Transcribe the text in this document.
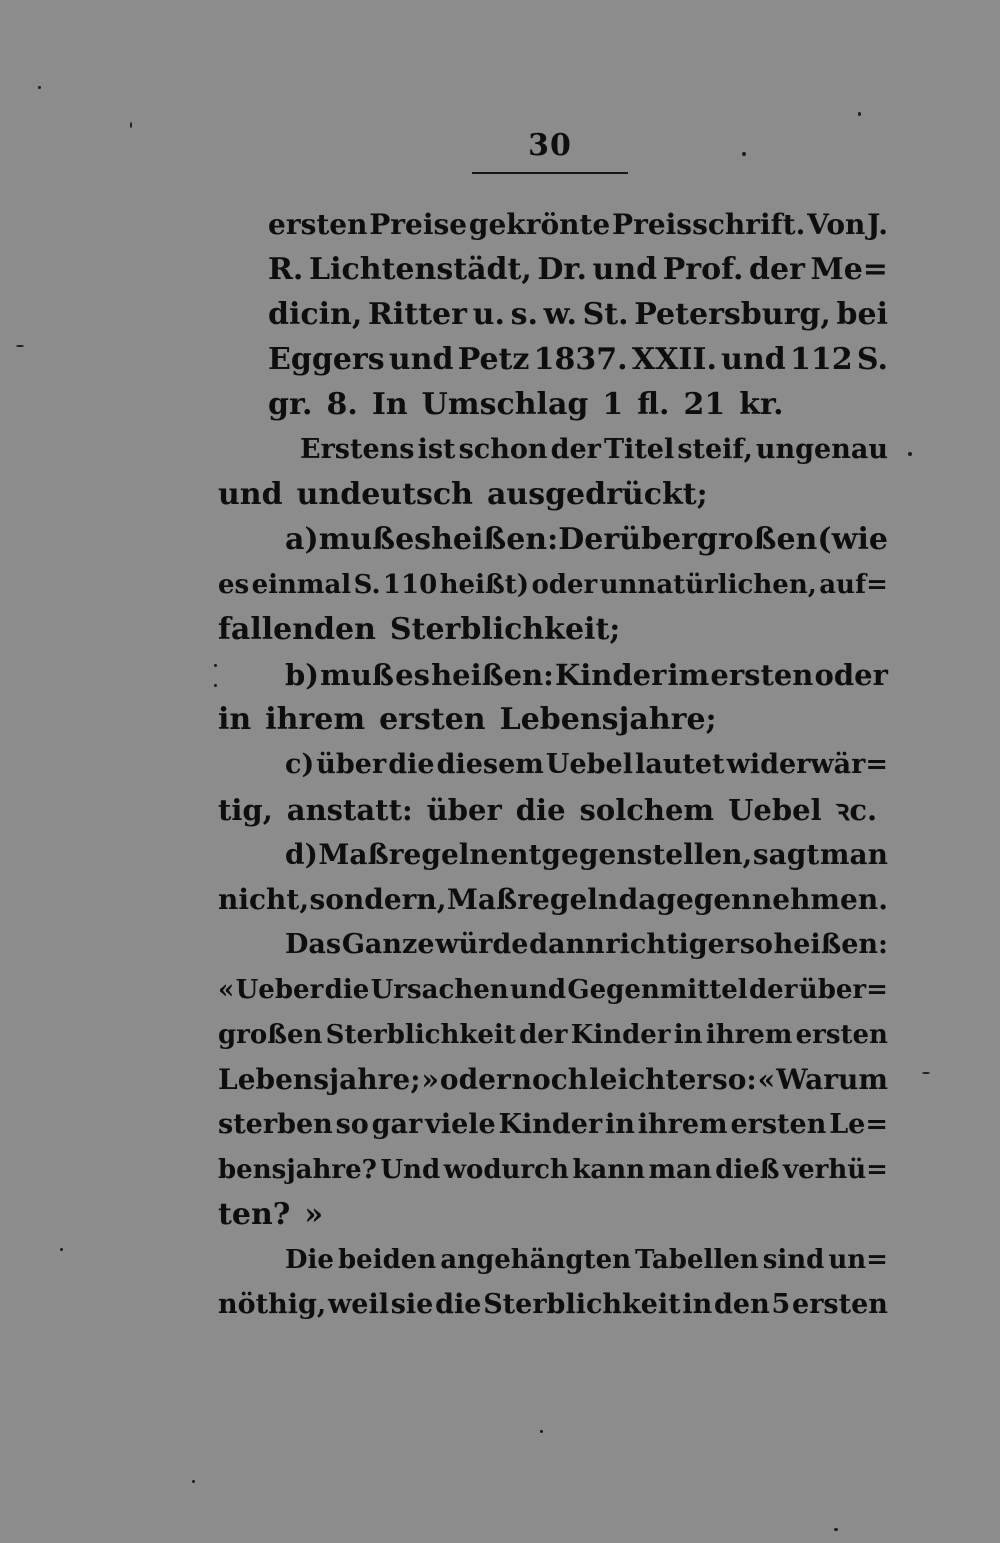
30
ersten Preise gekrönte Preisschrift. Von J.
R. Lichtenstädt, Dr. und Prof. der Me=
dicin, Ritter u. s. w. St. Petersburg, bei
Eggers und Petz 1837. XXII. und 112 S.
gr. 8. In Umschlag 1 fl. 21 kr.
Erstens ist schon der Titel steif, ungenau
und undeutsch ausgedrückt;
a) muß es heißen: Der übergroßen (wie
es einmal S. 110 heißt) oder unnatürlichen, auf=
fallenden Sterblichkeit;
b) muß es heißen: Kinder im ersten oder
in ihrem ersten Lebensjahre;
c) über die diesem Uebel lautet widerwär=
tig, anstatt: über die solchem Uebel ꝛc.
d) Maßregeln entgegenstellen, sagt man
nicht, sondern, Maßregeln dagegen nehmen.
Das Ganze würde dann richtiger so heißen:
« Ueber die Ursachen und Gegenmittel der über=
großen Sterblichkeit der Kinder in ihrem ersten
Lebensjahre; » oder noch leichter so: « Warum
sterben so gar viele Kinder in ihrem ersten Le=
bensjahre? Und wodurch kann man dieß verhü=
ten? »
Die beiden angehängten Tabellen sind un=
nöthig, weil sie die Sterblichkeit in den 5 ersten
